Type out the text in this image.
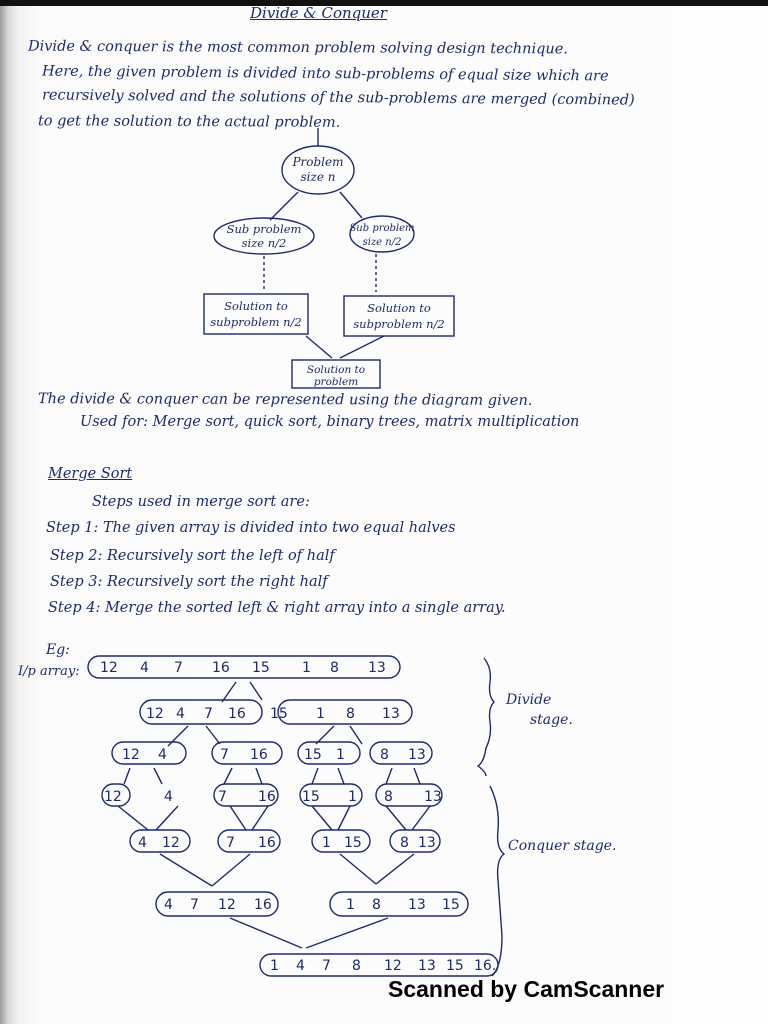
Divide & Conquer
Divide & conquer is the most common problem solving design technique.
Here, the given problem is divided into sub-problems of equal size which are
recursively solved and the solutions of the sub-problems are merged (combined)
to get the solution to the actual problem.
Problem
size n
Sub problem
size n/2
Sub problem
size n/2
Solution to
subproblem n/2
Solution to
subproblem n/2
Solution to
problem
12 4 7 16 15 1 8 13
12 4 7 16 15 1 8 13
12 4	7 16	15 1	8 13
12	4	7 16 15 1 8 13
4 12	7 16	1 15	8 13
4 7 12 16	1 8 13 15
1 4 7 8 12 13 15 16.
Divide
stage.
Conquer stage.
The divide & conquer can be represented using the diagram given.
Used for: Merge sort, quick sort, binary trees, matrix multiplication
Merge Sort
Steps used in merge sort are:
Step 1: The given array is divided into two equal halves
Step 2: Recursively sort the left of half
Step 3: Recursively sort the right half
Step 4: Merge the sorted left & right array into a single array.
Eg:
I/p array:
Scanned by CamScanner
